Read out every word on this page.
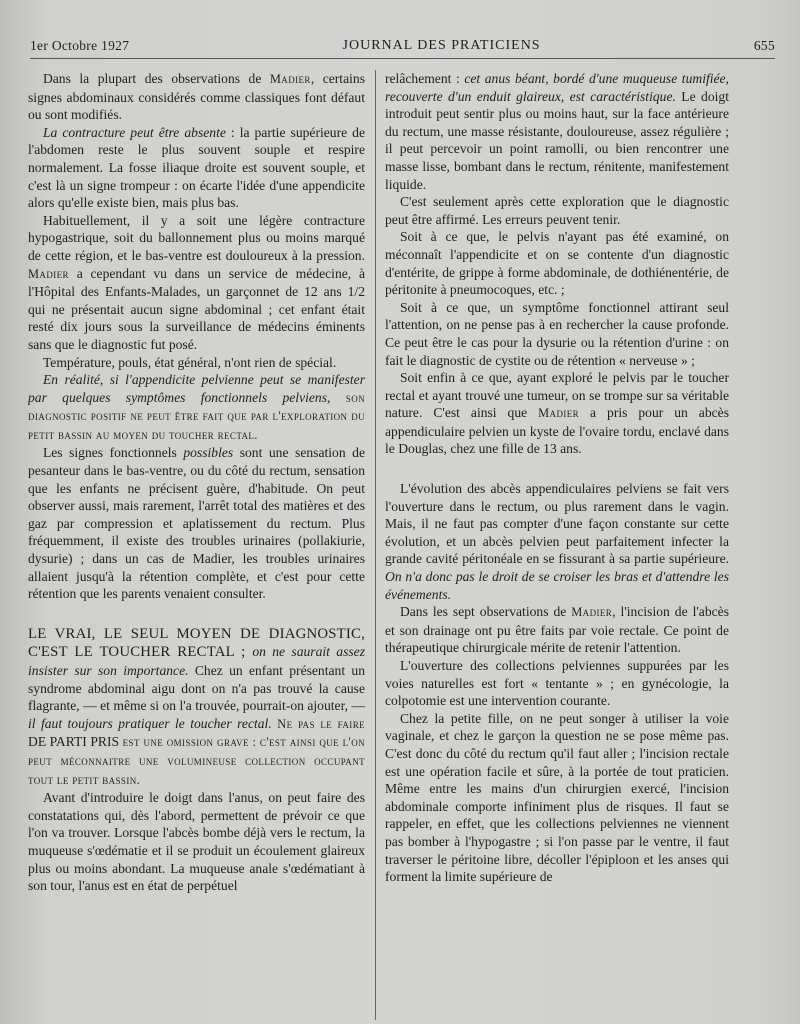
1er Octobre 1927	JOURNAL DES PRATICIENS	655

Dans la plupart des observations de Madier, certains signes abdominaux considérés comme classiques font défaut ou sont modifiés.

La contracture peut être absente : la partie supérieure de l'abdomen reste le plus souvent souple et respire normalement. La fosse iliaque droite est souvent souple, et c'est là un signe trompeur : on écarte l'idée d'une appendicite alors qu'elle existe bien, mais plus bas.

Habituellement, il y a soit une légère contracture hypogastrique, soit du ballonnement plus ou moins marqué de cette région, et le bas-ventre est douloureux à la pression. Madier a cependant vu dans un service de médecine, à l'Hôpital des Enfants-Malades, un garçonnet de 12 ans 1/2 qui ne présentait aucun signe abdominal ; cet enfant était resté dix jours sous la surveillance de médecins éminents sans que le diagnostic fut posé.

Température, pouls, état général, n'ont rien de spécial.

En réalité, si l'appendicite pelvienne peut se manifester par quelques symptômes fonctionnels pelviens, son diagnostic positif ne peut être fait que par l'exploration du petit bassin au moyen du toucher rectal.

Les signes fonctionnels possibles sont une sensation de pesanteur dans le bas-ventre, ou du côté du rectum, sensation que les enfants ne précisent guère, d'habitude. On peut observer aussi, mais rarement, l'arrêt total des matières et des gaz par compression et aplatissement du rectum. Plus fréquemment, il existe des troubles urinaires (pollakiurie, dysurie) ; dans un cas de Madier, les troubles urinaires allaient jusqu'à la rétention complète, et c'est pour cette rétention que les parents venaient consulter.

LE VRAI, LE SEUL MOYEN DE DIAGNOSTIC, C'EST LE TOUCHER RECTAL ; on ne saurait assez insister sur son importance. Chez un enfant présentant un syndrome abdominal aigu dont on n'a pas trouvé la cause flagrante, — et même si on l'a trouvée, pourrait-on ajouter, — il faut toujours pratiquer le toucher rectal. Ne pas le faire DE PARTI PRIS est une omission grave : c'est ainsi que l'on peut méconnaitre une volumineuse collection occupant tout le petit bassin.

Avant d'introduire le doigt dans l'anus, on peut faire des constatations qui, dès l'abord, permettent de prévoir ce que l'on va trouver. Lorsque l'abcès bombe déjà vers le rectum, la muqueuse s'œdématie et il se produit un écoulement glaireux plus ou moins abondant. La muqueuse anale s'œdématiant à son tour, l'anus est en état de perpétuel

relâchement : cet anus béant, bordé d'une muqueuse tumifiée, recouverte d'un enduit glaireux, est caractéristique. Le doigt introduit peut sentir plus ou moins haut, sur la face antérieure du rectum, une masse résistante, douloureuse, assez régulière ; il peut percevoir un point ramolli, ou bien rencontrer une masse lisse, bombant dans le rectum, rénitente, manifestement liquide.

C'est seulement après cette exploration que le diagnostic peut être affirmé. Les erreurs peuvent tenir.

Soit à ce que, le pelvis n'ayant pas été examiné, on méconnaît l'appendicite et on se contente d'un diagnostic d'entérite, de grippe à forme abdominale, de dothiénentérie, de péritonite à pneumocoques, etc. ;

Soit à ce que, un symptôme fonctionnel attirant seul l'attention, on ne pense pas à en rechercher la cause profonde. Ce peut être le cas pour la dysurie ou la rétention d'urine : on fait le diagnostic de cystite ou de rétention « nerveuse » ;

Soit enfin à ce que, ayant exploré le pelvis par le toucher rectal et ayant trouvé une tumeur, on se trompe sur sa véritable nature. C'est ainsi que Madier a pris pour un abcès appendiculaire pelvien un kyste de l'ovaire tordu, enclavé dans le Douglas, chez une fille de 13 ans.

L'évolution des abcès appendiculaires pelviens se fait vers l'ouverture dans le rectum, ou plus rarement dans le vagin. Mais, il ne faut pas compter d'une façon constante sur cette évolution, et un abcès pelvien peut parfaitement infecter la grande cavité péritonéale en se fissurant à sa partie supérieure. On n'a donc pas le droit de se croiser les bras et d'attendre les événements.

Dans les sept observations de Madier, l'incision de l'abcès et son drainage ont pu être faits par voie rectale. Ce point de thérapeutique chirurgicale mérite de retenir l'attention.

L'ouverture des collections pelviennes suppurées par les voies naturelles est fort « tentante » ; en gynécologie, la colpotomie est une intervention courante.

Chez la petite fille, on ne peut songer à utiliser la voie vaginale, et chez le garçon la question ne se pose même pas. C'est donc du côté du rectum qu'il faut aller ; l'incision rectale est une opération facile et sûre, à la portée de tout praticien. Même entre les mains d'un chirurgien exercé, l'incision abdominale comporte infiniment plus de risques. Il faut se rappeler, en effet, que les collections pelviennes ne viennent pas bomber à l'hypogastre ; si l'on passe par le ventre, il faut traverser le péritoine libre, décoller l'épiploon et les anses qui forment la limite supérieure de
